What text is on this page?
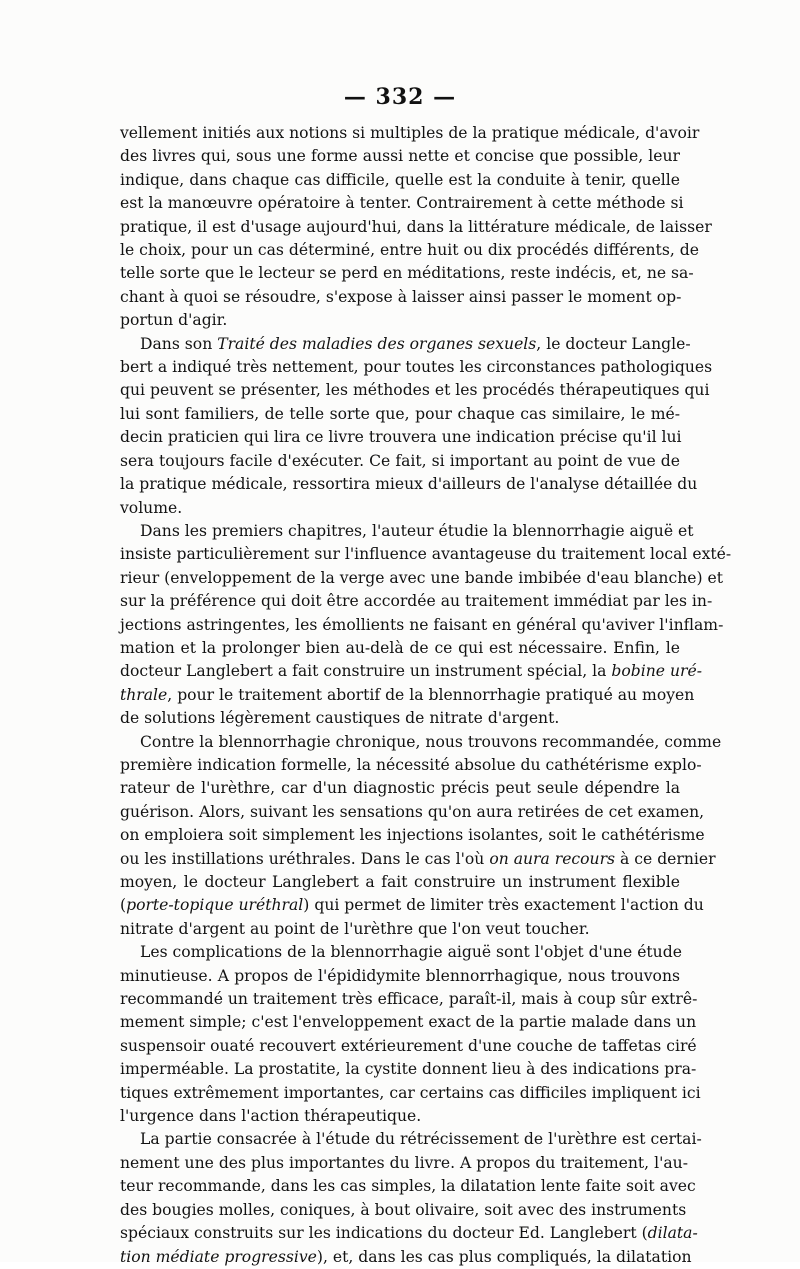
— 332 —
vellement initiés aux notions si multiples de la pratique médicale, d'avoir
des livres qui, sous une forme aussi nette et concise que possible, leur
indique, dans chaque cas difficile, quelle est la conduite à tenir, quelle
est la manœuvre opératoire à tenter. Contrairement à cette méthode si
pratique, il est d'usage aujourd'hui, dans la littérature médicale, de laisser
le choix, pour un cas déterminé, entre huit ou dix procédés différents, de
telle sorte que le lecteur se perd en méditations, reste indécis, et, ne sa-
chant à quoi se résoudre, s'expose à laisser ainsi passer le moment op-
portun d'agir.
Dans son Traité des maladies des organes sexuels, le docteur Langle-
bert a indiqué très nettement, pour toutes les circonstances pathologiques
qui peuvent se présenter, les méthodes et les procédés thérapeutiques qui
lui sont familiers, de telle sorte que, pour chaque cas similaire, le mé-
decin praticien qui lira ce livre trouvera une indication précise qu'il lui
sera toujours facile d'exécuter. Ce fait, si important au point de vue de
la pratique médicale, ressortira mieux d'ailleurs de l'analyse détaillée du
volume.
Dans les premiers chapitres, l'auteur étudie la blennorrhagie aiguë et
insiste particulièrement sur l'influence avantageuse du traitement local exté-
rieur (enveloppement de la verge avec une bande imbibée d'eau blanche) et
sur la préférence qui doit être accordée au traitement immédiat par les in-
jections astringentes, les émollients ne faisant en général qu'aviver l'inflam-
mation et la prolonger bien au-delà de ce qui est nécessaire. Enfin, le
docteur Langlebert a fait construire un instrument spécial, la bobine uré-
thrale, pour le traitement abortif de la blennorrhagie pratiqué au moyen
de solutions légèrement caustiques de nitrate d'argent.
Contre la blennorrhagie chronique, nous trouvons recommandée, comme
première indication formelle, la nécessité absolue du cathétérisme explo-
rateur de l'urèthre, car d'un diagnostic précis peut seule dépendre la
guérison. Alors, suivant les sensations qu'on aura retirées de cet examen,
on emploiera soit simplement les injections isolantes, soit le cathétérisme
ou les instillations uréthrales. Dans le cas l'où on aura recours à ce dernier
moyen, le docteur Langlebert a fait construire un instrument flexible
(porte-topique uréthral) qui permet de limiter très exactement l'action du
nitrate d'argent au point de l'urèthre que l'on veut toucher.
Les complications de la blennorrhagie aiguë sont l'objet d'une étude
minutieuse. A propos de l'épididymite blennorrhagique, nous trouvons
recommandé un traitement très efficace, paraît-il, mais à coup sûr extrê-
mement simple; c'est l'enveloppement exact de la partie malade dans un
suspensoir ouaté recouvert extérieurement d'une couche de taffetas ciré
imperméable. La prostatite, la cystite donnent lieu à des indications pra-
tiques extrêmement importantes, car certains cas difficiles impliquent ici
l'urgence dans l'action thérapeutique.
La partie consacrée à l'étude du rétrécissement de l'urèthre est certai-
nement une des plus importantes du livre. A propos du traitement, l'au-
teur recommande, dans les cas simples, la dilatation lente faite soit avec
des bougies molles, coniques, à bout olivaire, soit avec des instruments
spéciaux construits sur les indications du docteur Ed. Langlebert (dilata-
tion médiate progressive), et, dans les cas plus compliqués, la dilatation
